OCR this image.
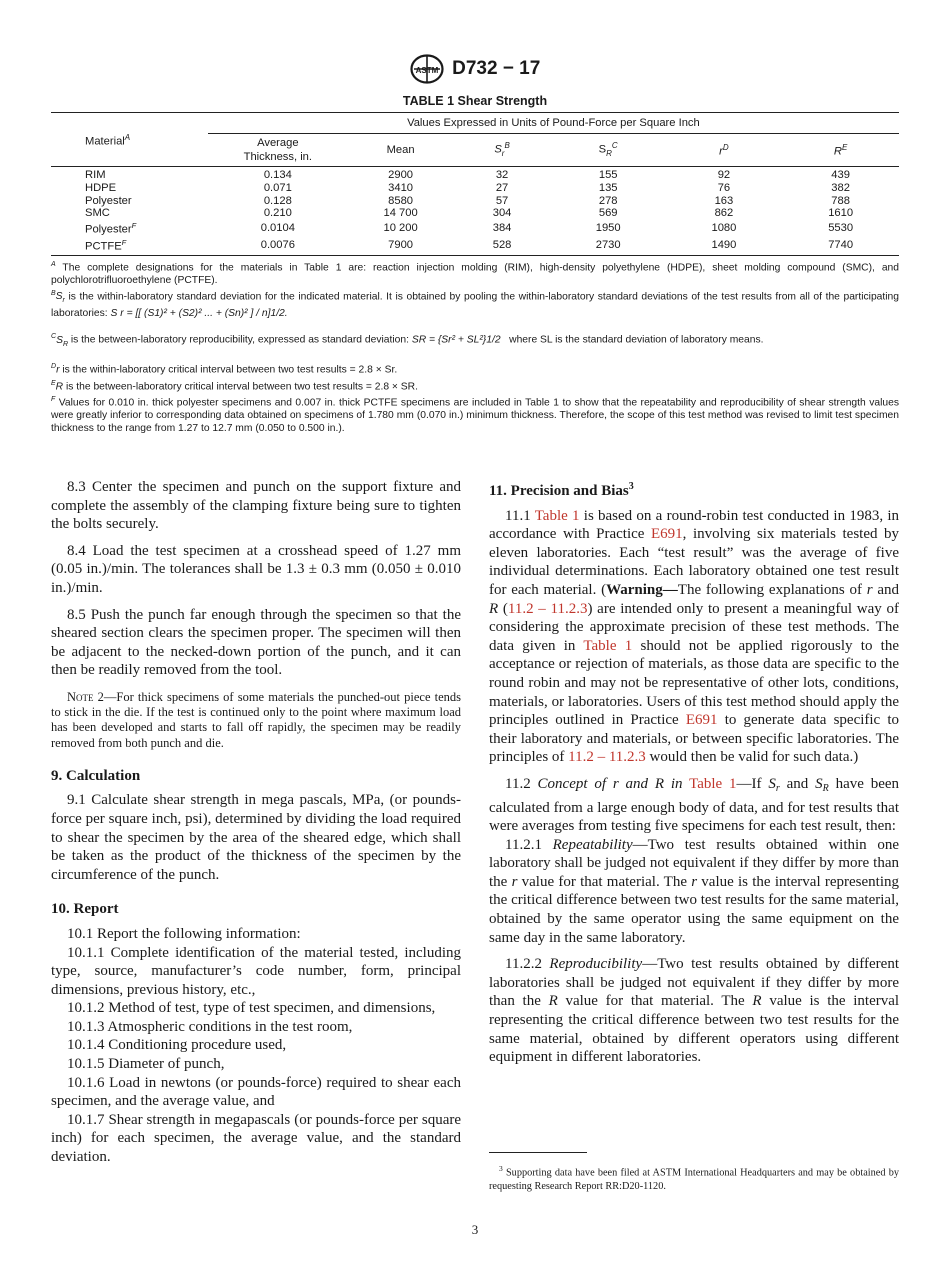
ASTM D732 − 17
TABLE 1 Shear Strength
Material$^A$	Values Expressed in Units of Pound-Force per Square Inch					
	Average
Thickness, in.	Mean	$S_r^B$	$S_R^C$	$r^D$	$R^E$
RIM	0.134	2900	32	155	92	439
HDPE	0.071	3410	27	135	76	382
Polyester	0.128	8580	57	278	163	788
SMC	0.210	14 700	304	569	862	1610
Polyester$^F$	0.0104	10 200	384	1950	1080	5530
$PCTFE^F$	0.0076	7900	528	2730	1490	7740

$^A$ The complete designations for the materials in Table 1 are: reaction injection molding (RIM), high-density polyethylene (HDPE), sheet molding compound (SMC), and polychlorotrifluoroethylene (PCTFE).

$^BS_r$ is the within-laboratory standard deviation for the indicated material. It is obtained by pooling the within-laboratory standard deviations of the test results from all of the participating laboratories: S r = [[ (S1)² + (S2)² ... + (Sn)² ] / n]1/2.

$^CS_R$ is the between-laboratory reproducibility, expressed as standard deviation: SR = {Sr² + SL²}1/2 where SL is the standard deviation of laboratory means.

$^D$r is the within-laboratory critical interval between two test results = 2.8 × Sr.

$^E$R is the between-laboratory critical interval between two test results = 2.8 × SR.

$^F$ Values for 0.010 in. thick polyester specimens and 0.007 in. thick PCTFE specimens are included in Table 1 to show that the repeatability and reproducibility of shear strength values were greatly inferior to corresponding data obtained on specimens of 1.780 mm (0.070 in.) minimum thickness. Therefore, the scope of this test method was revised to limit test specimen thickness to the range from 1.27 to 12.7 mm (0.050 to 0.500 in.).

8.3 Center the specimen and punch on the support fixture and complete the assembly of the clamping fixture being sure to tighten the bolts securely.

8.4 Load the test specimen at a crosshead speed of 1.27 mm (0.05 in.)/min. The tolerances shall be 1.3 ± 0.3 mm (0.050 ± 0.010 in.)/min.

8.5 Push the punch far enough through the specimen so that the sheared section clears the specimen proper. The specimen will then be adjacent to the necked-down portion of the punch, and it can then be readily removed from the tool.

Note 2—For thick specimens of some materials the punched-out piece tends to stick in the die. If the test is continued only to the point where maximum load has been developed and starts to fall off rapidly, the specimen may be readily removed from both punch and die.

9. Calculation

9.1 Calculate shear strength in mega pascals, MPa, (or pounds-force per square inch, psi), determined by dividing the load required to shear the specimen by the area of the sheared edge, which shall be taken as the product of the thickness of the specimen by the circumference of the punch.

10. Report

10.1 Report the following information:

10.1.1 Complete identification of the material tested, including type, source, manufacturer’s code number, form, principal dimensions, previous history, etc.,

10.1.2 Method of test, type of test specimen, and dimensions,

10.1.3 Atmospheric conditions in the test room,

10.1.4 Conditioning procedure used,

10.1.5 Diameter of punch,

10.1.6 Load in newtons (or pounds-force) required to shear each specimen, and the average value, and

10.1.7 Shear strength in megapascals (or pounds-force per square inch) for each specimen, the average value, and the standard deviation.

11. Precision and Bias$^3$

11.1 Table 1 is based on a round-robin test conducted in 1983, in accordance with Practice E691, involving six materials tested by eleven laboratories. Each “test result” was the average of five individual determinations. Each laboratory obtained one test result for each material. (Warning—The following explanations of r and R (11.2 – 11.2.3) are intended only to present a meaningful way of considering the approximate precision of these test methods. The data given in Table 1 should not be applied rigorously to the acceptance or rejection of materials, as those data are specific to the round robin and may not be representative of other lots, conditions, materials, or laboratories. Users of this test method should apply the principles outlined in Practice E691 to generate data specific to their laboratory and materials, or between specific laboratories. The principles of 11.2 – 11.2.3 would then be valid for such data.)

11.2 Concept of r and R in Table 1—If $S_r$ and $S_R$ have been calculated from a large enough body of data, and for test results that were averages from testing five specimens for each test result, then:

11.2.1 Repeatability—Two test results obtained within one laboratory shall be judged not equivalent if they differ by more than the r value for that material. The r value is the interval representing the critical difference between two test results for the same material, obtained by the same operator using the same equipment on the same day in the same laboratory.

11.2.2 Reproducibility—Two test results obtained by different laboratories shall be judged not equivalent if they differ by more than the R value for that material. The R value is the interval representing the critical difference between two test results for the same material, obtained by different operators using different equipment in different laboratories.

$^3$ Supporting data have been filed at ASTM International Headquarters and may be obtained by requesting Research Report RR:D20-1120.
3
